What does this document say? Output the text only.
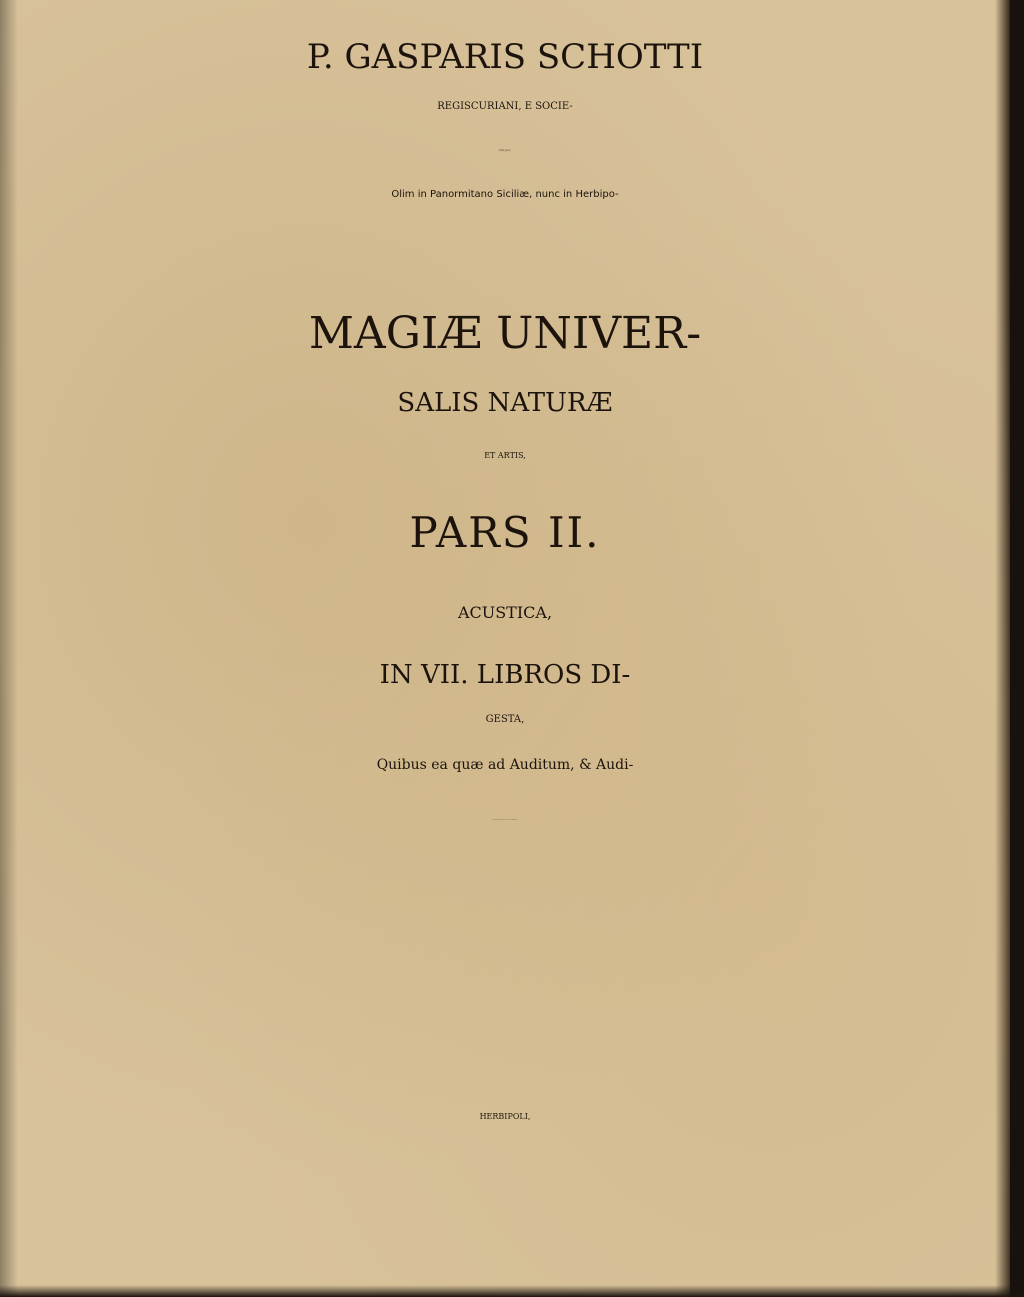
P. GASPARIS SCHOTTI

REGISCURIANI, E SOCIE-

TATE JESU,

Olim in Panormitano Siciliæ, nunc in Herbipo-

MAGIÆ UNIVER-

SALIS NATURÆ

ET ARTIS,

PARS II.

ACUSTICA,

IN VII. LIBROS DI-

GESTA,

Quibus ea quæ ad Auditum, & Audi-

tus objectum spectant, methodicè, ac summâ va-

HERBIPOLI,
